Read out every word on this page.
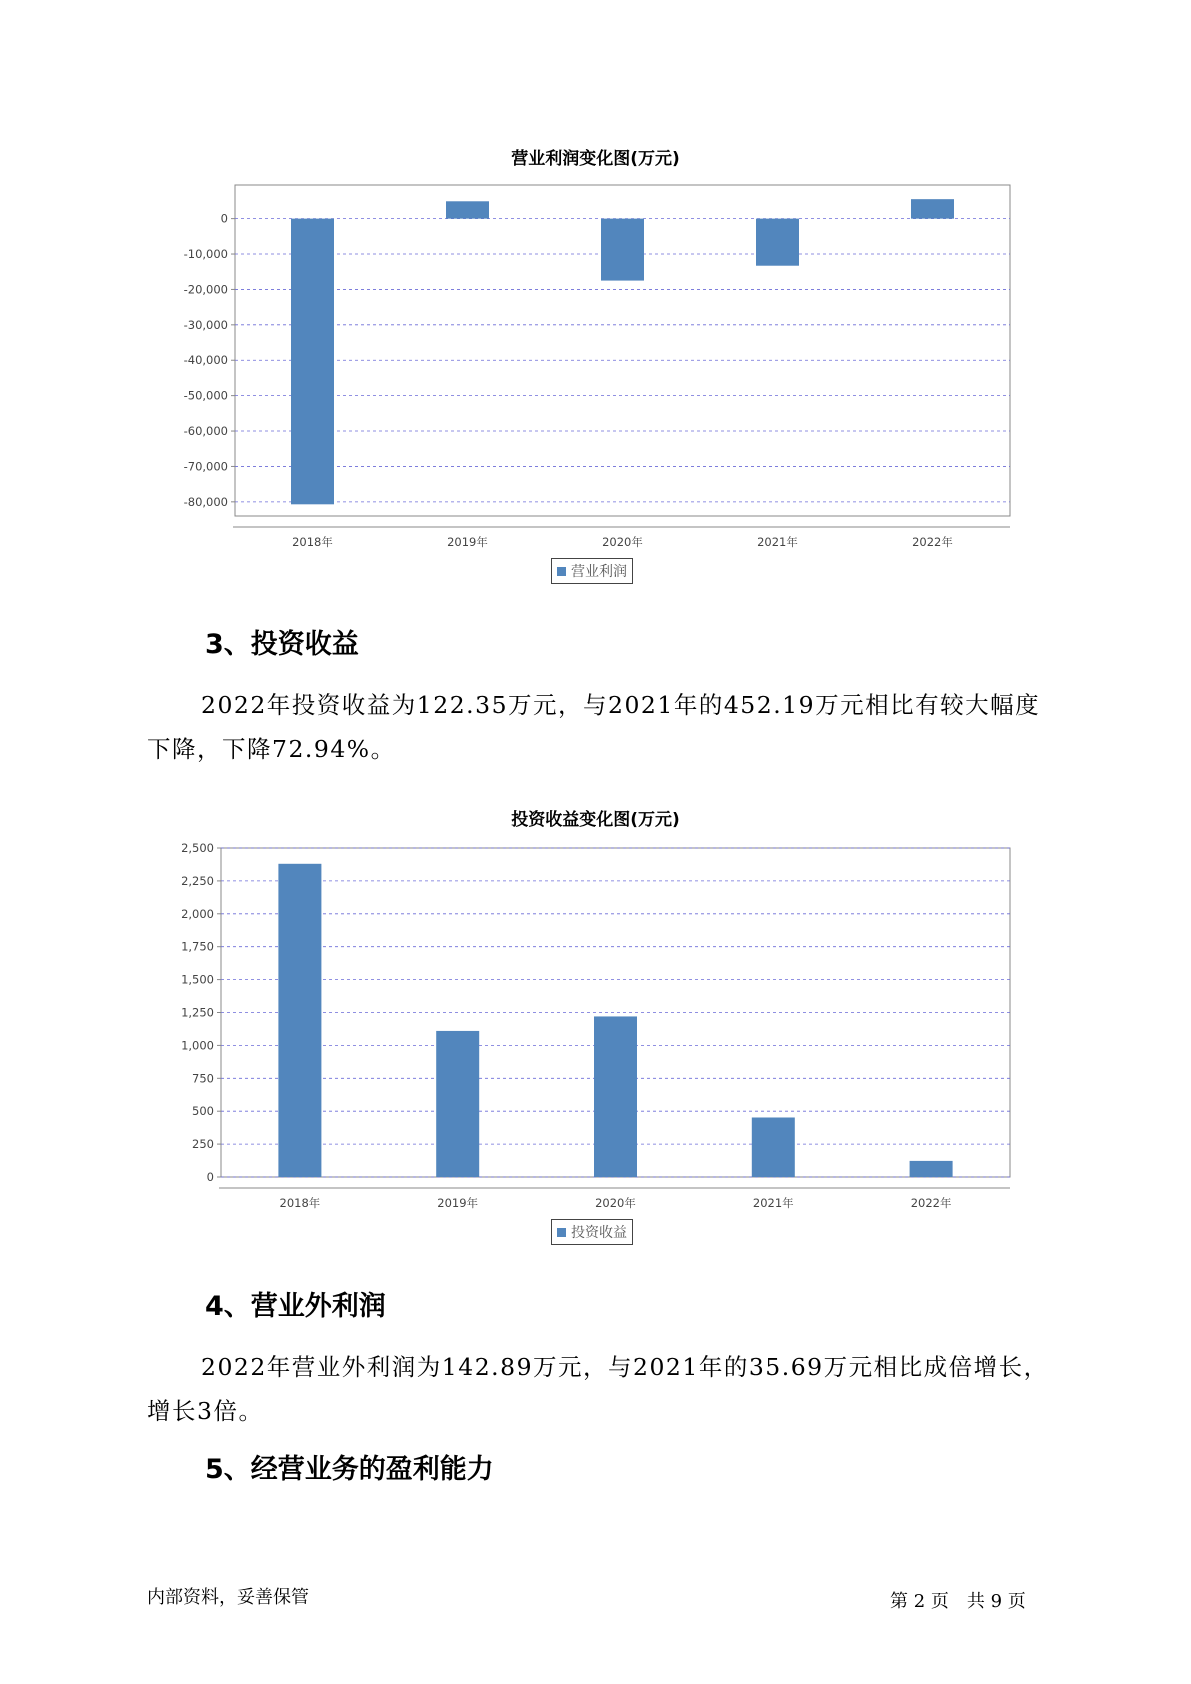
营业利润变化图(万元)
0
-10,000
-20,000
-30,000
-40,000
-50,000
-60,000
-70,000
-80,000
2018年	2019年	2020年	2021年	2022年
营业利润
3、投资收益
2022年投资收益为122.35万元，与2021年的452.19万元相比有较大幅度下降，下降72.94%。
投资收益变化图(万元)
2,500
2,250
2,000
1,750
1,500
1,250
1,000
750
500
250
0
2018年	2019年	2020年	2021年	2022年
投资收益
4、营业外利润
2022年营业外利润为142.89万元，与2021年的35.69万元相比成倍增长，增长3倍。
5、经营业务的盈利能力
内部资料，妥善保管	第 2 页　共 9 页
